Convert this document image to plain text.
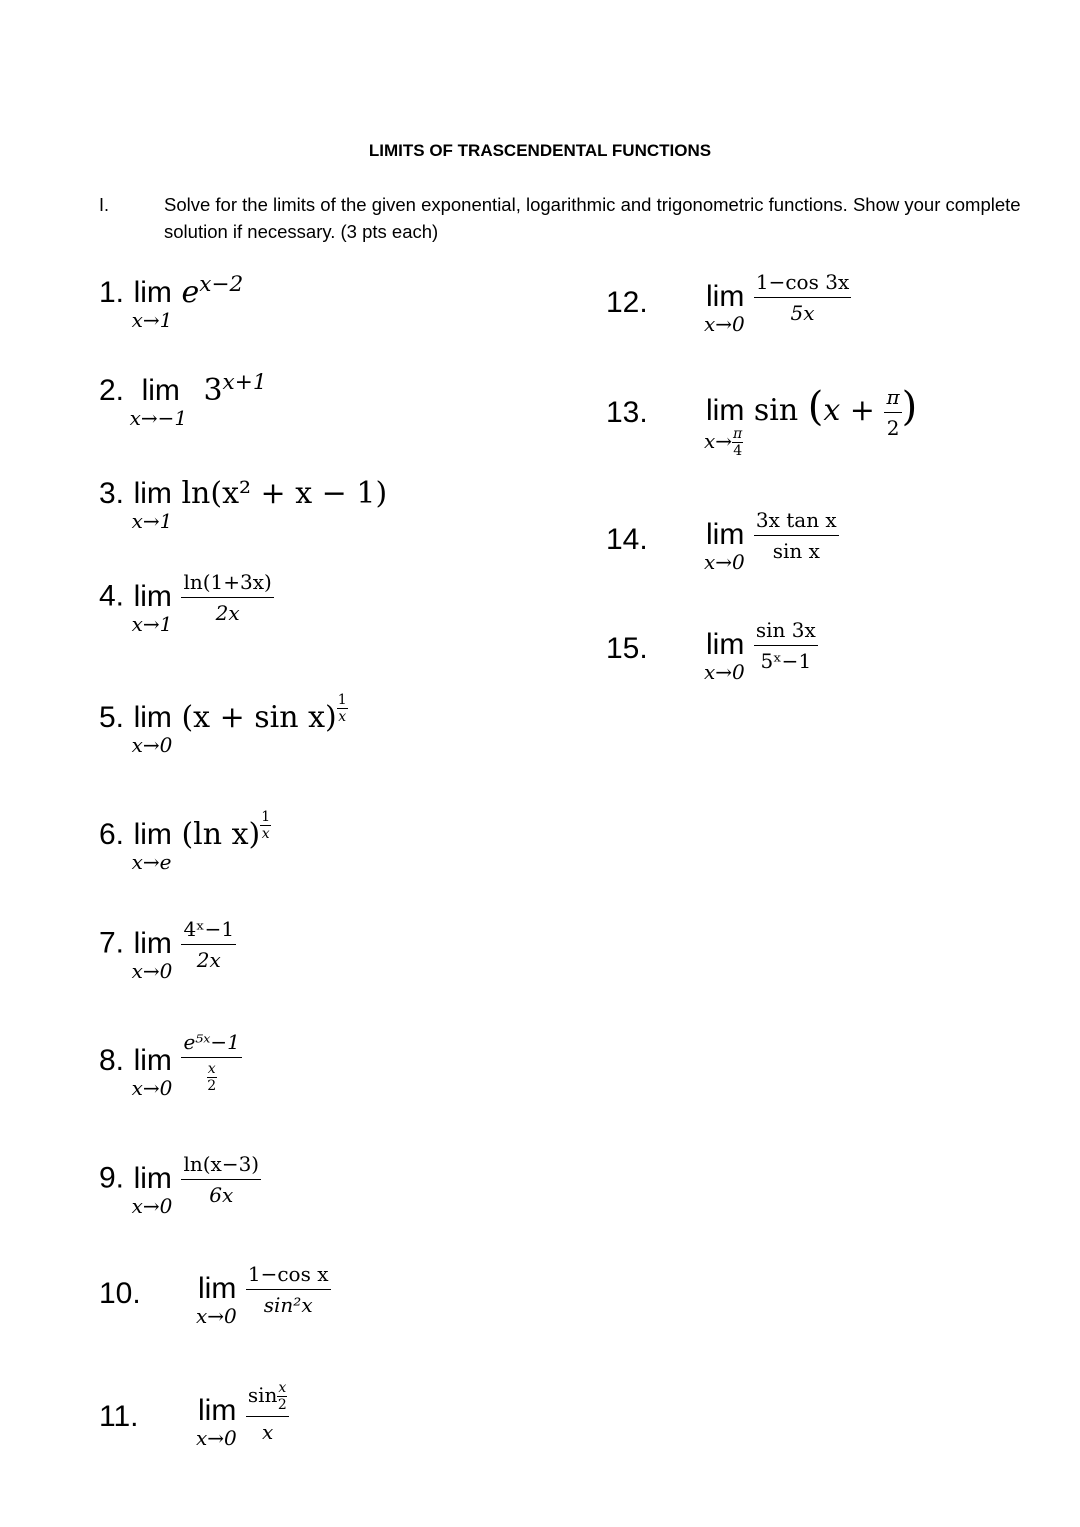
LIMITS OF TRASCENDENTAL FUNCTIONS
I.	Solve for the limits of the given exponential, logarithmic and trigonometric functions. Show your complete solution if necessary. (3 pts each)
1. lim
x→1
$e^{x-2}$
2. lim
x→−1
$3^{x+1}$
3. lim
x→1
ln(x² + x − 1)
4. lim
x→1
$\frac{\ln(1+3x)}{2x}$
5. lim
x→0
$(x + \sin x) \frac{1}{x}$
6. lim
x→e
(ln $x) \frac{1}{x}$
7. lim
x→0
$\frac{\text{4ˣ−1}}{2x}$
8. lim
x→0
$\frac{\text{e⁵ˣ−1}}{\frac{x}{2}}$
9. lim
x→0
$\frac{\ln(x-3)}{6x}$
10. lim
x→0
$\frac{\text{1−cos x}}{\text{sin²x}}$
11. lim
x→0
$\frac{\sin \frac{x}{2}}{x}$
12. lim
x→0
$\frac{1-\cos 3x}{5x}$
13. lim
$x\to \frac{\pi}{4}$
$\sin (x + \frac{\pi}{2}$ )
14. lim
x→0
$\frac{\text{3x tan x}}{\text{sin x}}$
15. lim
x→0
$\frac{\sin 3x}{\text{5ˣ−1}}$
